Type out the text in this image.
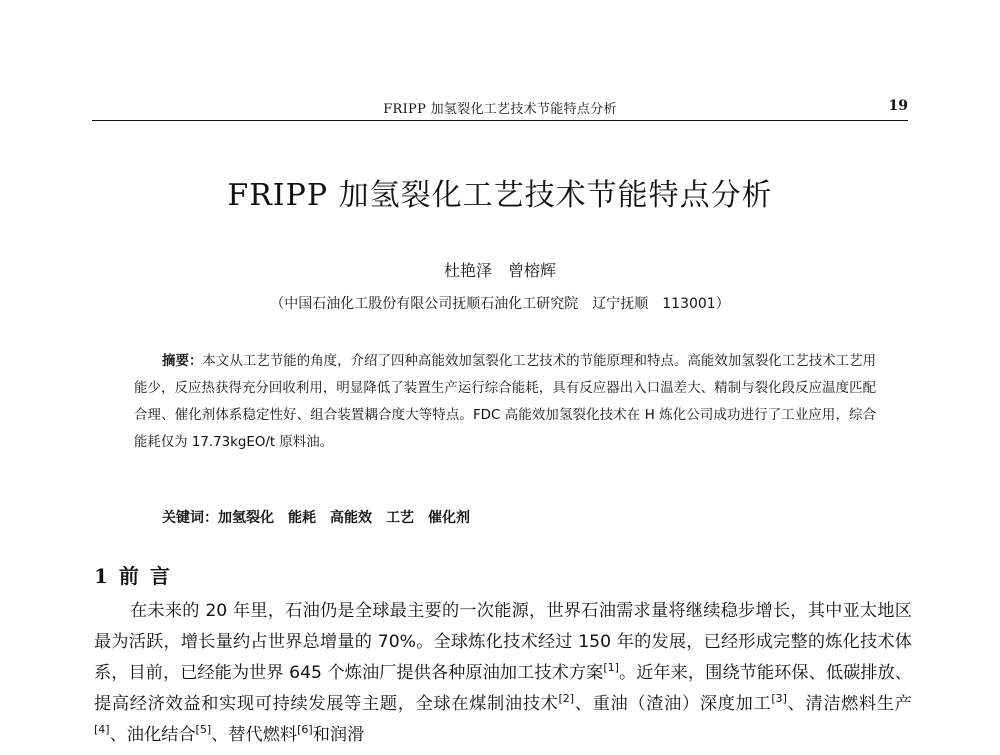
FRIPP 加氢裂化工艺技术节能特点分析	19
FRIPP 加氢裂化工艺技术节能特点分析
杜艳泽　曾榕辉
（中国石油化工股份有限公司抚顺石油化工研究院　辽宁抚顺　113001）
摘要：本文从工艺节能的角度，介绍了四种高能效加氢裂化工艺技术的节能原理和特点。高能效加氢裂化工艺技术工艺用能少，反应热获得充分回收利用，明显降低了装置生产运行综合能耗，具有反应器出入口温差大、精制与裂化段反应温度匹配合理、催化剂体系稳定性好、组合装置耦合度大等特点。FDC 高能效加氢裂化技术在 H 炼化公司成功进行了工业应用，综合能耗仅为 17.73kgEO/t 原料油。
关键词：加氢裂化　能耗　高能效　工艺　催化剂
1 前 言
在未来的 20 年里，石油仍是全球最主要的一次能源，世界石油需求量将继续稳步增长，其中亚太地区最为活跃，增长量约占世界总增量的 70%。全球炼化技术经过 150 年的发展，已经形成完整的炼化技术体系，目前，已经能为世界 645 个炼油厂提供各种原油加工技术方案[1]。近年来，围绕节能环保、低碳排放、提高经济效益和实现可持续发展等主题，全球在煤制油技术[2]、重油（渣油）深度加工[3]、清洁燃料生产[4]、油化结合[5]、替代燃料[6]和润滑
